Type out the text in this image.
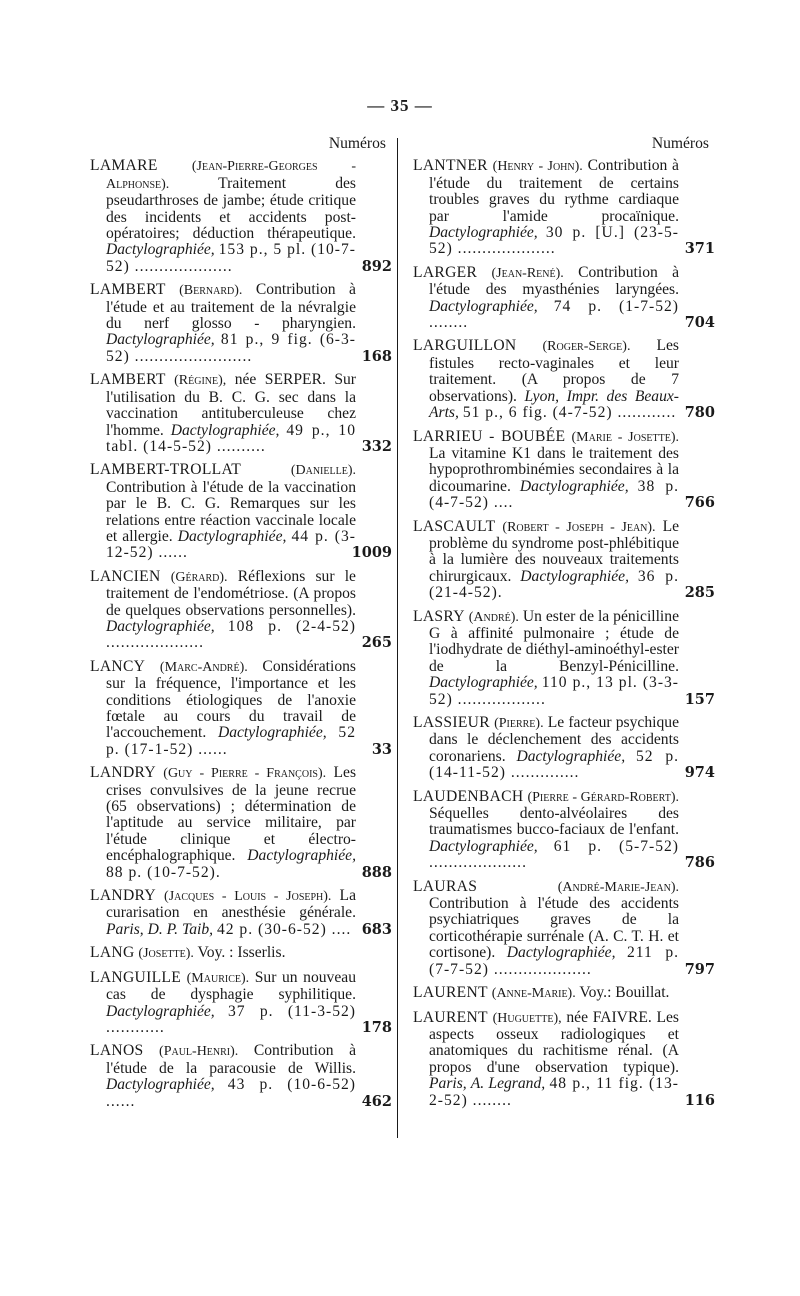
— 35 —
Numéros
LAMARE (Jean-Pierre-Georges - Alphonse).	Traitement des pseudarthroses de jambe; étude critique des incidents et accidents post-opératoires; déduction thérapeutique. Dactylographiée, 153 p., 5 pl. (10-7-52) ....................	892
LAMBERT (Bernard). Contribution à l'étude et au traitement de la névralgie du nerf glosso - pharyngien. Dactylographiée, 81 p., 9 fig. (6-3-52) ........................	168
LAMBERT (Régine), née SERPER. Sur l'utilisation du B. C. G. sec dans la vaccination antituberculeuse chez l'homme. Dactylographiée, 49 p., 10 tabl. (14-5-52) ..........	332
LAMBERT-TROLLAT	(Danielle). Contribution à l'étude de la vaccination par le B. C. G. Remarques sur les relations entre réaction vaccinale locale et allergie. Dactylographiée, 44 p. (3-12-52) ......	1009
LANCIEN (Gérard). Réflexions sur le traitement de l'endométriose. (A propos de quelques observations personnelles). Dactylographiée, 108 p. (2-4-52) ....................	265
LANCY (Marc-André). Considérations sur la fréquence, l'importance et les conditions étiologiques de l'anoxie fœtale au cours du travail de l'accouchement. Dactylographiée, 52 p. (17-1-52) ......	33
LANDRY (Guy - Pierre - François). Les crises convulsives de la jeune recrue (65 observations) ; détermination de l'aptitude au service militaire, par l'étude clinique et électro-encéphalographique. Dactylographiée, 88 p. (10-7-52).	888
LANDRY (Jacques - Louis - Joseph). La curarisation en anesthésie générale. Paris, D. P. Taib, 42 p. (30-6-52) .... 683
LANG (Josette). Voy. : Isserlis.
LANGUILLE (Maurice). Sur un nouveau cas de dysphagie syphilitique. Dactylographiée, 37 p. (11-3-52) ............	178
LANOS (Paul-Henri). Contribution à l'étude de la paracousie de Willis. Dactylographiée, 43 p. (10-6-52) ......	462
Numéros
LANTNER (Henry - John). Contribution à l'étude du traitement de certains troubles graves du rythme cardiaque par l'amide procaïnique. Dactylographiée, 30 p. [U.] (23-5-52) ....................	371
LARGER (Jean-René). Contribution à l'étude des myasthénies laryngées. Dactylographiée, 74 p. (1-7-52) ........	704
LARGUILLON (Roger-Serge). Les fistules recto-vaginales et leur traitement. (A propos de 7 observations). Lyon, Impr. des Beaux-Arts, 51 p., 6 fig. (4-7-52) ............ 780
LARRIEU - BOUBÉE (Marie - Josette). La vitamine K1 dans le traitement des hypoprothrombinémies secondaires à la dicoumarine. Dactylographiée, 38 p. (4-7-52) ....	766
LASCAULT (Robert - Joseph - Jean). Le problème du syndrome post-phlébitique à la lumière des nouveaux traitements chirurgicaux. Dactylographiée, 36 p. (21-4-52).	285
LASRY (André). Un ester de la pénicilline G à affinité pulmonaire ; étude de l'iodhydrate de diéthyl-aminoéthyl-ester de la Benzyl-Pénicilline. Dactylographiée, 110 p., 13 pl. (3-3-52) ..................	157
LASSIEUR (Pierre). Le facteur psychique dans le déclenchement des accidents coronariens. Dactylographiée, 52 p. (14-11-52) ..............	974
LAUDENBACH (Pierre - Gérard-Robert). Séquelles dento-alvéolaires des traumatismes bucco-faciaux de l'enfant. Dactylographiée, 61 p. (5-7-52) ....................	786
LAURAS	(André-Marie-Jean). Contribution à l'étude des accidents psychiatriques graves de la corticothérapie surrénale (A. C. T. H. et cortisone). Dactylographiée, 211 p. (7-7-52) ....................	797
LAURENT (Anne-Marie). Voy.: Bouillat.
LAURENT (Huguette), née FAIVRE. Les aspects osseux radiologiques et anatomiques du rachitisme rénal. (A propos d'une observation typique). Paris, A. Legrand, 48 p., 11 fig. (13-2-52) ........	116
